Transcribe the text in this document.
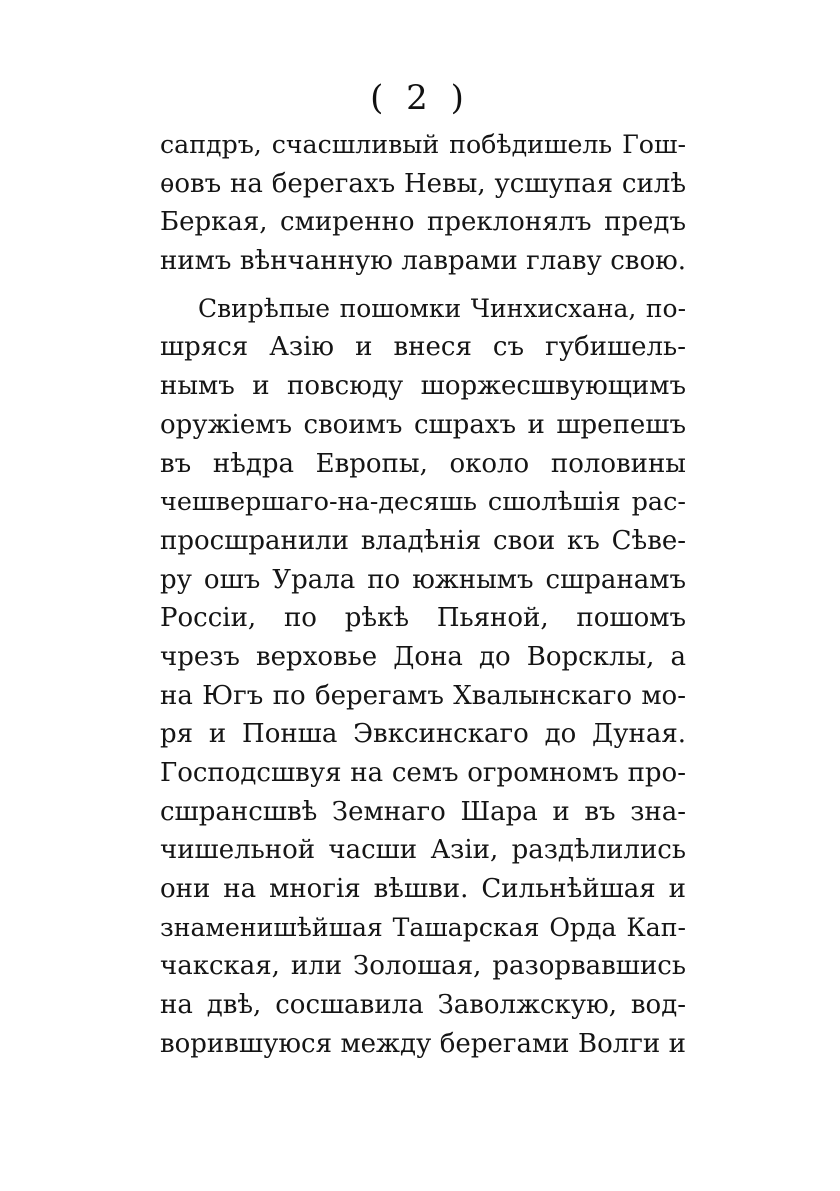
( 2 )
сапдръ, счасшливый побѣдишель Гош-
ѳовъ на берегахъ Невы, усшупая силѣ
Беркая, смиренно преклонялъ предъ
нимъ вѣнчанную лаврами главу свою.
Свирѣпые пошомки Чинхисхана, по-
шряся Азію и внеся съ губишель-
нымъ и повсюду шоржесшвующимъ
оружіемъ своимъ сшрахъ и шрепешъ
въ нѣдра Европы, около половины
чешвершаго-на-десяшь сшолѣшія рас-
просшранили владѣнія свои къ Сѣве-
ру ошъ Урала по южнымъ сшранамъ
Россіи, по рѣкѣ Пьяной, пошомъ
чрезъ верховье Дона до Ворсклы, а
на Югъ по берегамъ Хвалынскаго мо-
ря и Понша Эвксинскаго до Дуная.
Господсшвуя на семъ огромномъ про-
сшрансшвѣ Земнаго Шара и въ зна-
чишельной часши Азіи, раздѣлились
они на многія вѣшви. Сильнѣйшая и
знаменишѣйшая Ташарская Орда Кап-
чакская, или Золошая, разорвавшись
на двѣ, сосшавила Заволжскую, вод-
ворившуюся между берегами Волги и
